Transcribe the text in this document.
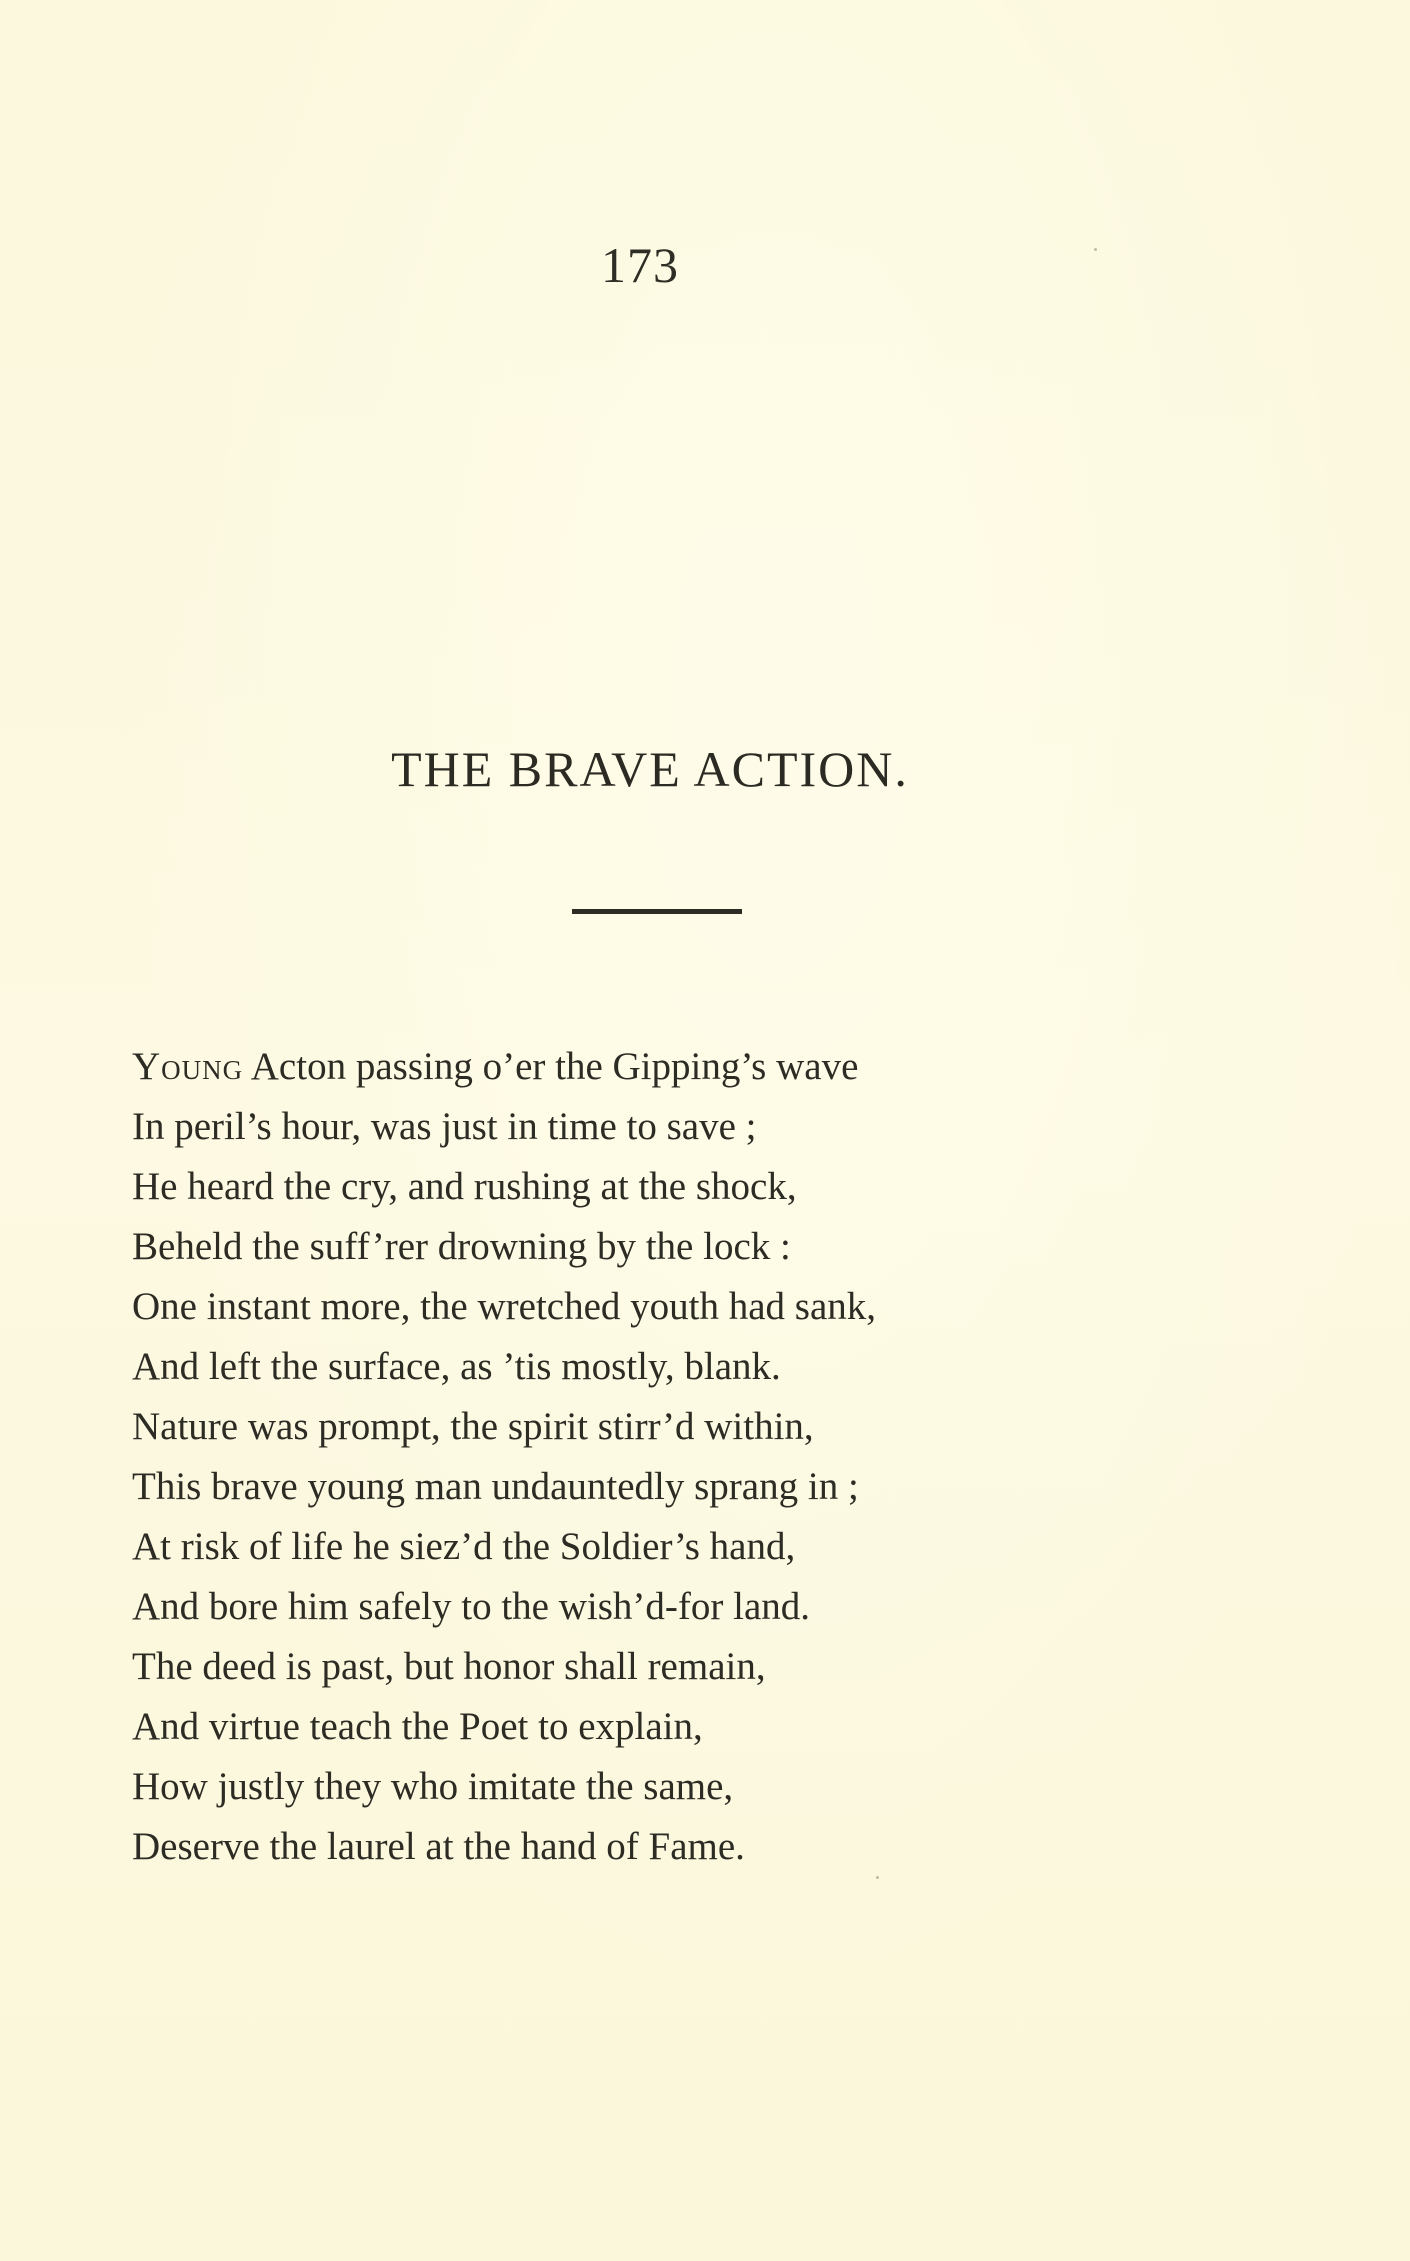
173
THE BRAVE ACTION.
Young Acton passing o’er the Gipping’s wave
In peril’s hour, was just in time to save ;
He heard the cry, and rushing at the shock,
Beheld the suff’rer drowning by the lock :
One instant more, the wretched youth had sank,
And left the surface, as ’tis mostly, blank.
Nature was prompt, the spirit stirr’d within,
This brave young man undauntedly sprang in ;
At risk of life he siez’d the Soldier’s hand,
And bore him safely to the wish’d-for land.
The deed is past, but honor shall remain,
And virtue teach the Poet to explain,
How justly they who imitate the same,
Deserve the laurel at the hand of Fame.
